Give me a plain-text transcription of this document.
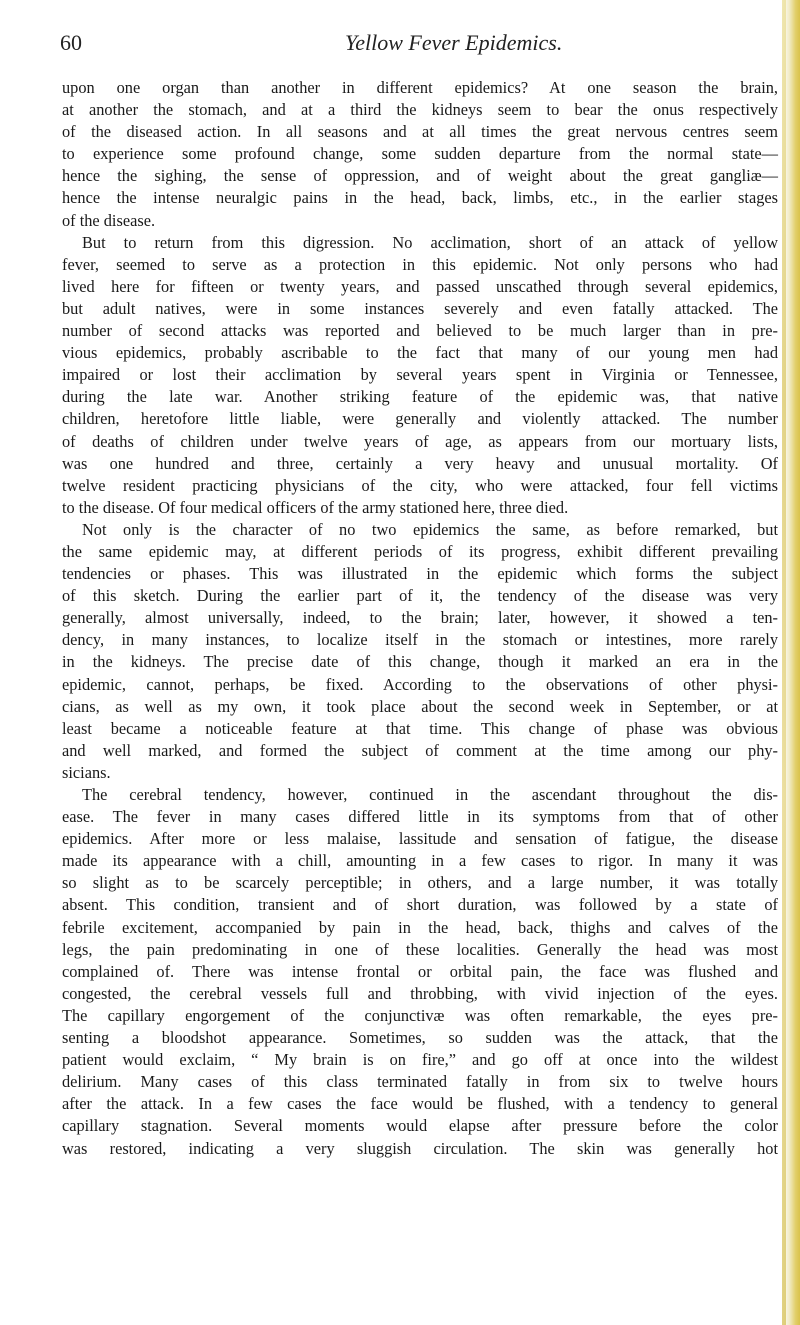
60	Yellow Fever Epidemics.
upon one organ than another in different epidemics? At one season the brain,
at another the stomach, and at a third the kidneys seem to bear the onus respectively
of the diseased action. In all seasons and at all times the great nervous centres seem
to experience some profound change, some sudden departure from the normal state—
hence the sighing, the sense of oppression, and of weight about the great gangliæ—
hence the intense neuralgic pains in the head, back, limbs, etc., in the earlier stages
of the disease.
But to return from this digression. No acclimation, short of an attack of yellow
fever, seemed to serve as a protection in this epidemic. Not only persons who had
lived here for fifteen or twenty years, and passed unscathed through several epidemics,
but adult natives, were in some instances severely and even fatally attacked. The
number of second attacks was reported and believed to be much larger than in pre-
vious epidemics, probably ascribable to the fact that many of our young men had
impaired or lost their acclimation by several years spent in Virginia or Tennessee,
during the late war. Another striking feature of the epidemic was, that native
children, heretofore little liable, were generally and violently attacked. The number
of deaths of children under twelve years of age, as appears from our mortuary lists,
was one hundred and three, certainly a very heavy and unusual mortality. Of
twelve resident practicing physicians of the city, who were attacked, four fell victims
to the disease. Of four medical officers of the army stationed here, three died.
Not only is the character of no two epidemics the same, as before remarked, but
the same epidemic may, at different periods of its progress, exhibit different prevailing
tendencies or phases. This was illustrated in the epidemic which forms the subject
of this sketch. During the earlier part of it, the tendency of the disease was very
generally, almost universally, indeed, to the brain; later, however, it showed a ten-
dency, in many instances, to localize itself in the stomach or intestines, more rarely
in the kidneys. The precise date of this change, though it marked an era in the
epidemic, cannot, perhaps, be fixed. According to the observations of other physi-
cians, as well as my own, it took place about the second week in September, or at
least became a noticeable feature at that time. This change of phase was obvious
and well marked, and formed the subject of comment at the time among our phy-
sicians.
The cerebral tendency, however, continued in the ascendant throughout the dis-
ease. The fever in many cases differed little in its symptoms from that of other
epidemics. After more or less malaise, lassitude and sensation of fatigue, the disease
made its appearance with a chill, amounting in a few cases to rigor. In many it was
so slight as to be scarcely perceptible; in others, and a large number, it was totally
absent. This condition, transient and of short duration, was followed by a state of
febrile excitement, accompanied by pain in the head, back, thighs and calves of the
legs, the pain predominating in one of these localities. Generally the head was most
complained of. There was intense frontal or orbital pain, the face was flushed and
congested, the cerebral vessels full and throbbing, with vivid injection of the eyes.
The capillary engorgement of the conjunctivæ was often remarkable, the eyes pre-
senting a bloodshot appearance. Sometimes, so sudden was the attack, that the
patient would exclaim, “ My brain is on fire,” and go off at once into the wildest
delirium. Many cases of this class terminated fatally in from six to twelve hours
after the attack. In a few cases the face would be flushed, with a tendency to general
capillary stagnation. Several moments would elapse after pressure before the color
was restored, indicating a very sluggish circulation. The skin was generally hot
